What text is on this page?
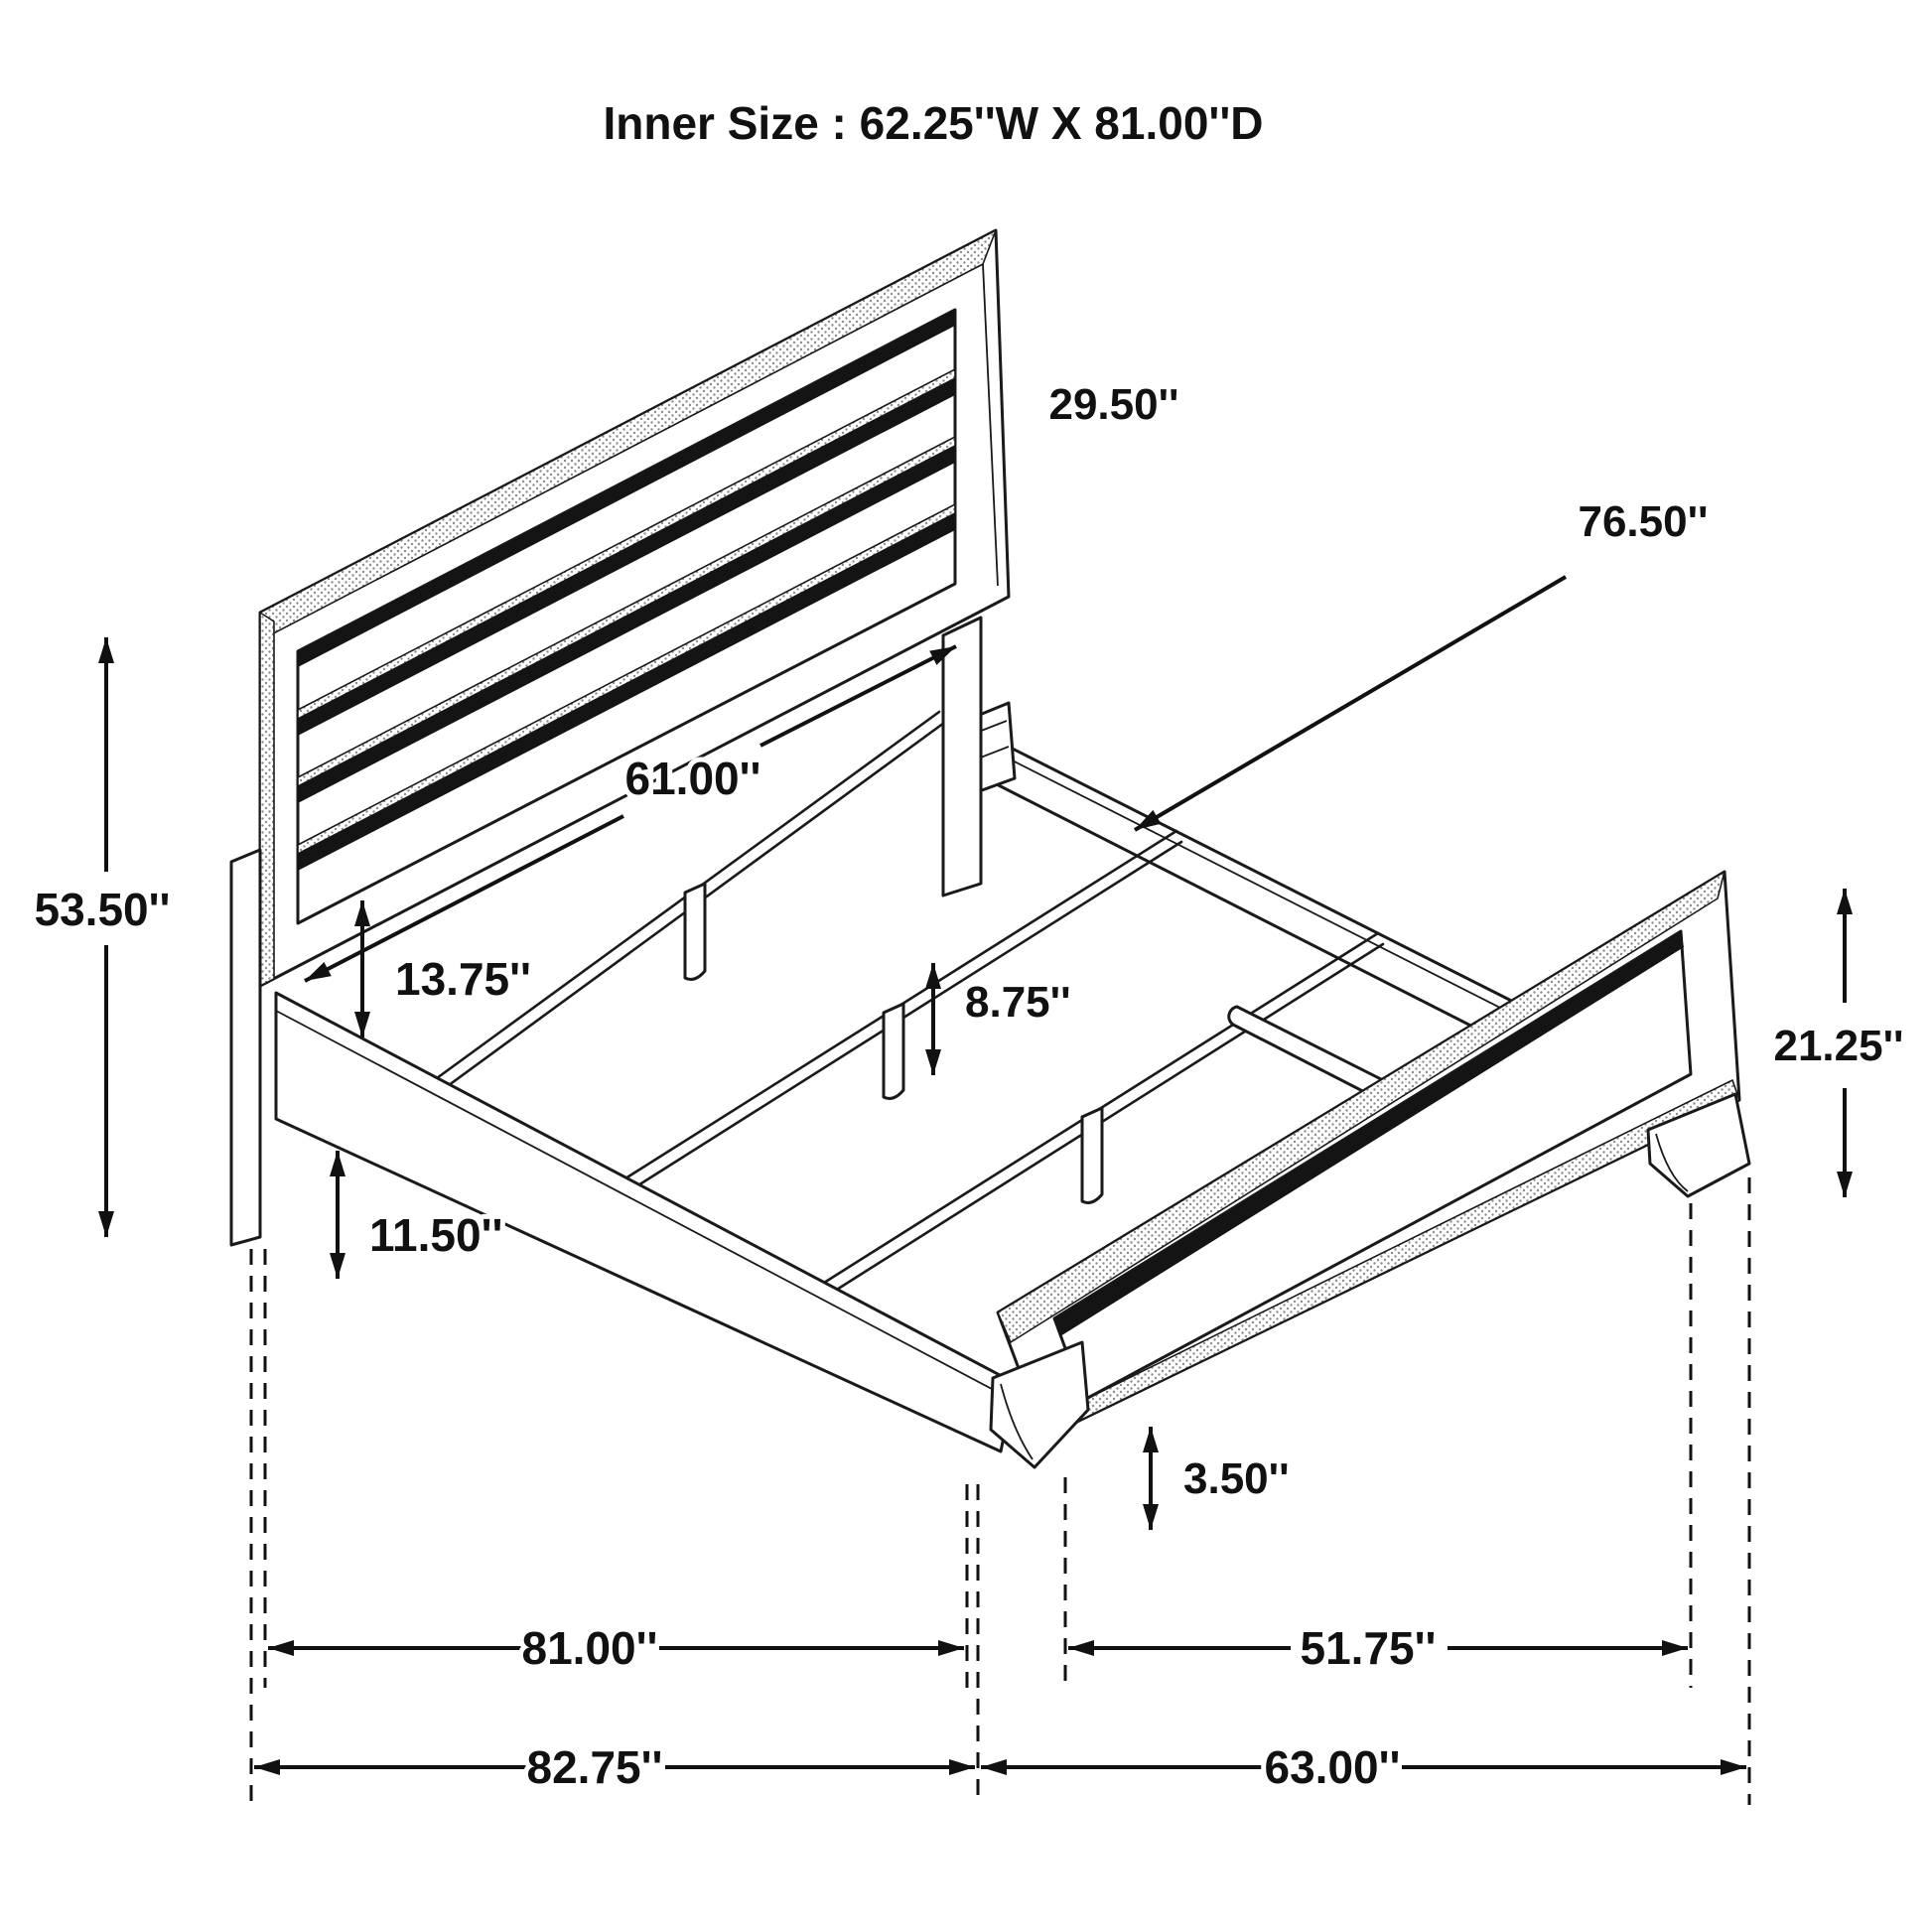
53.50''
29.50''
76.50''
61.00''
13.75''	8.75''
11.50''
21.25''
3.50''
81.00''	51.75''
82.75''	63.00''
Inner Size : 62.25''W X 81.00''D
